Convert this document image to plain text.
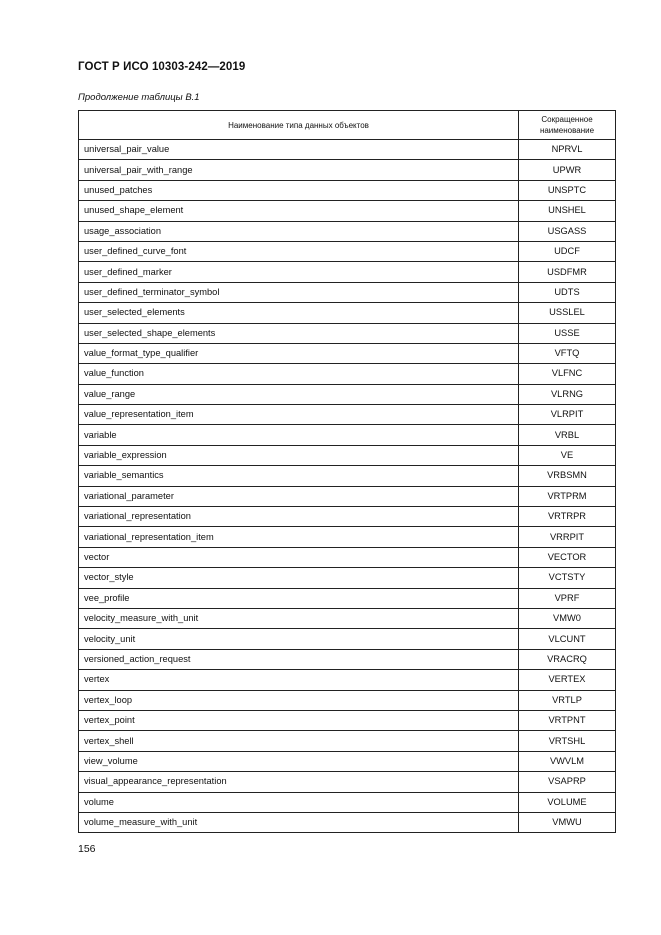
ГОСТ Р ИСО 10303-242—2019
Продолжение таблицы В.1
Наименование типа данных объектов	Сокращенное
наименование
universal_pair_value	NPRVL
universal_pair_with_range	UPWR
unused_patches	UNSPTC
unused_shape_element	UNSHEL
usage_association	USGASS
user_defined_curve_font	UDCF
user_defined_marker	USDFMR
user_defined_terminator_symbol	UDTS
user_selected_elements	USSLEL
user_selected_shape_elements	USSE
value_format_type_qualifier	VFTQ
value_function	VLFNC
value_range	VLRNG
value_representation_item	VLRPIT
variable	VRBL
variable_expression	VE
variable_semantics	VRBSMN
variational_parameter	VRTPRM
variational_representation	VRTRPR
variational_representation_item	VRRPIT
vector	VECTOR
vector_style	VCTSTY
vee_profile	VPRF
velocity_measure_with_unit	VMW0
velocity_unit	VLCUNT
versioned_action_request	VRACRQ
vertex	VERTEX
vertex_loop	VRTLP
vertex_point	VRTPNT
vertex_shell	VRTSHL
view_volume	VWVLM
visual_appearance_representation	VSAPRP
volume	VOLUME
volume_measure_with_unit	VMWU
156
